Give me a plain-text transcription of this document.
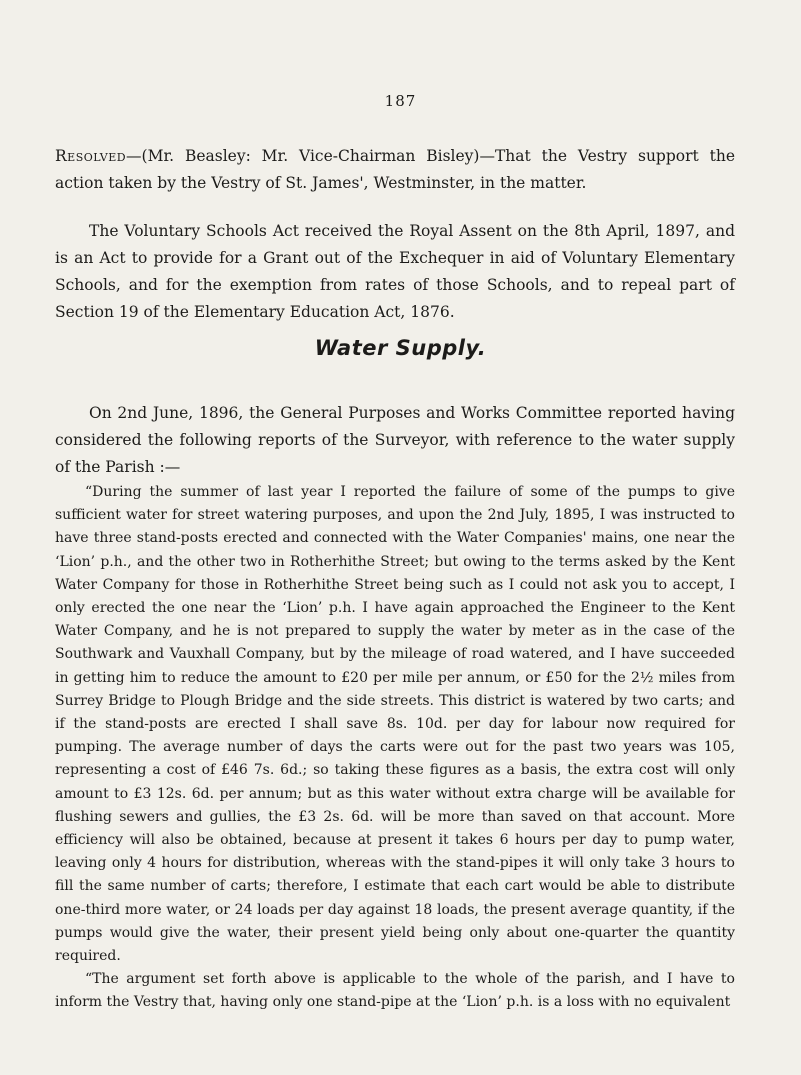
187
Resolved—(Mr. Beasley: Mr. Vice-Chairman Bisley)—That the Vestry support the action taken by the Vestry of St. James', Westminster, in the matter.
The Voluntary Schools Act received the Royal Assent on the 8th April, 1897, and is an Act to provide for a Grant out of the Exchequer in aid of Voluntary Elementary Schools, and for the exemption from rates of those Schools, and to repeal part of Section 19 of the Elementary Education Act, 1876.
Water Supply.
On 2nd June, 1896, the General Purposes and Works Committee reported having considered the following reports of the Surveyor, with reference to the water supply of the Parish :—

“During the summer of last year I reported the failure of some of the pumps to give sufficient water for street watering purposes, and upon the 2nd July, 1895, I was instructed to have three stand-posts erected and connected with the Water Companies' mains, one near the ‘Lion’ p.h., and the other two in Rotherhithe Street; but owing to the terms asked by the Kent Water Company for those in Rotherhithe Street being such as I could not ask you to accept, I only erected the one near the ‘Lion’ p.h. I have again approached the Engineer to the Kent Water Company, and he is not prepared to supply the water by meter as in the case of the Southwark and Vauxhall Company, but by the mileage of road watered, and I have succeeded in getting him to reduce the amount to £20 per mile per annum, or £50 for the 2½ miles from Surrey Bridge to Plough Bridge and the side streets. This district is watered by two carts; and if the stand-posts are erected I shall save 8s. 10d. per day for labour now required for pumping. The average number of days the carts were out for the past two years was 105, representing a cost of £46 7s. 6d.; so taking these figures as a basis, the extra cost will only amount to £3 12s. 6d. per annum; but as this water without extra charge will be available for flushing sewers and gullies, the £3 2s. 6d. will be more than saved on that account. More efficiency will also be obtained, because at present it takes 6 hours per day to pump water, leaving only 4 hours for distribution, whereas with the stand-pipes it will only take 3 hours to fill the same number of carts; therefore, I estimate that each cart would be able to distribute one-third more water, or 24 loads per day against 18 loads, the present average quantity, if the pumps would give the water, their present yield being only about one-quarter the quantity required.

“The argument set forth above is applicable to the whole of the parish, and I have to inform the Vestry that, having only one stand-pipe at the ‘Lion’ p.h. is a loss with no equivalent
